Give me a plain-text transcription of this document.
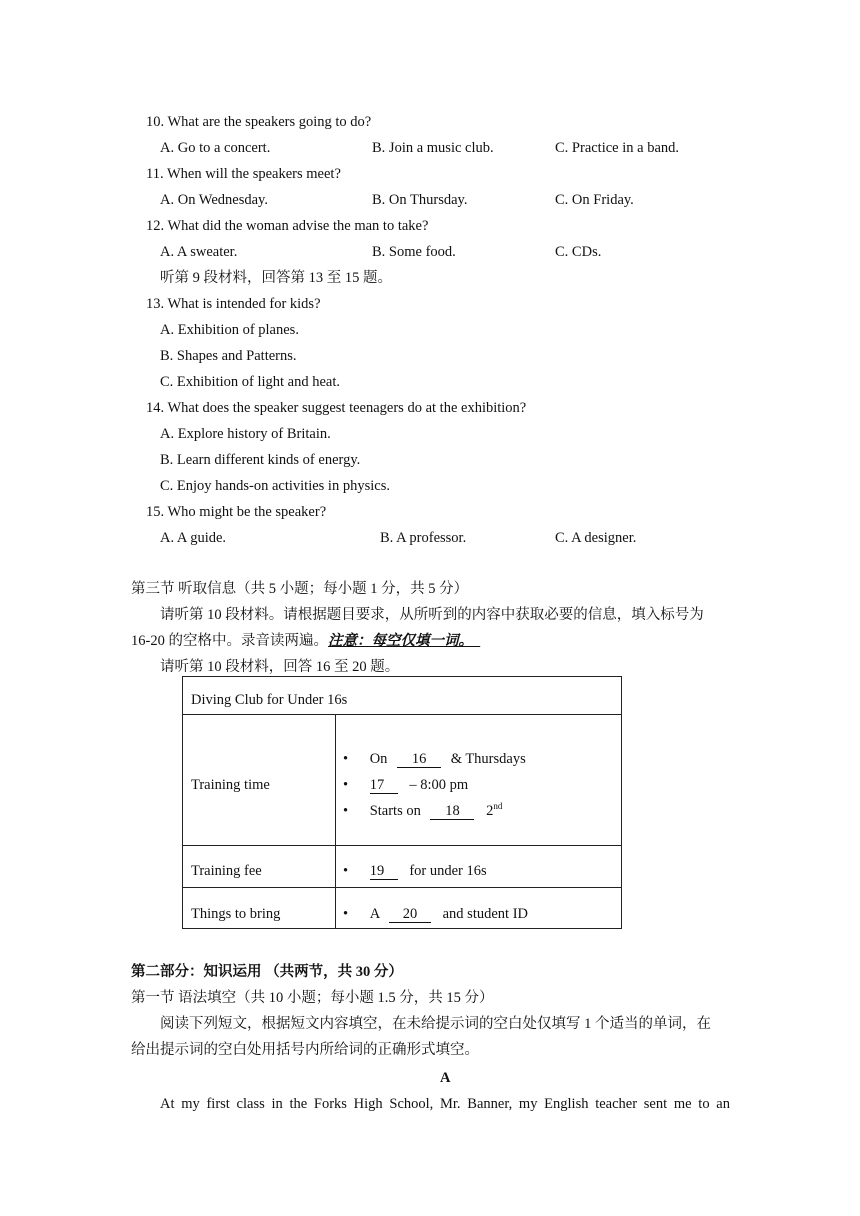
10. What are the speakers going to do?
A. Go to a concert.	B. Join a music club.	C. Practice in a band.
11. When will the speakers meet?
A. On Wednesday.	B. On Thursday.	C. On Friday.
12. What did the woman advise the man to take?
A. A sweater.	B. Some food.	C. CDs.
听第 9 段材料，回答第 13 至 15 题。
13. What is intended for kids?
A. Exhibition of planes.
B. Shapes and Patterns.
C. Exhibition of light and heat.
14. What does the speaker suggest teenagers do at the exhibition?
A. Explore history of Britain.
B. Learn different kinds of energy.
C. Enjoy hands-on activities in physics.
15. Who might be the speaker?
A. A guide.	B. A professor.	C. A designer.
第三节 听取信息（共 5 小题；每小题 1 分，共 5 分）
请听第 10 段材料。请根据题目要求，从所听到的内容中获取必要的信息，填入标号为
16-20 的空格中。录音读两遍。注意：每空仅填一词。
请听第 10 段材料，回答 16 至 20 题。
Diving Club for Under 16s
Training time
• On 16 & Thursdays
• 17 – 8:00 pm
• Starts on 18 2nd
Training fee	• 19 for under 16s
Things to bring	• A 20 and student ID
第二部分：知识运用 （共两节，共 30 分）
第一节 语法填空（共 10 小题；每小题 1.5 分，共 15 分）
阅读下列短文，根据短文内容填空，在未给提示词的空白处仅填写 1 个适当的单词，在
给出提示词的空白处用括号内所给词的正确形式填空。
A
At my first class in the Forks High School, Mr. Banner, my English teacher sent me to an
